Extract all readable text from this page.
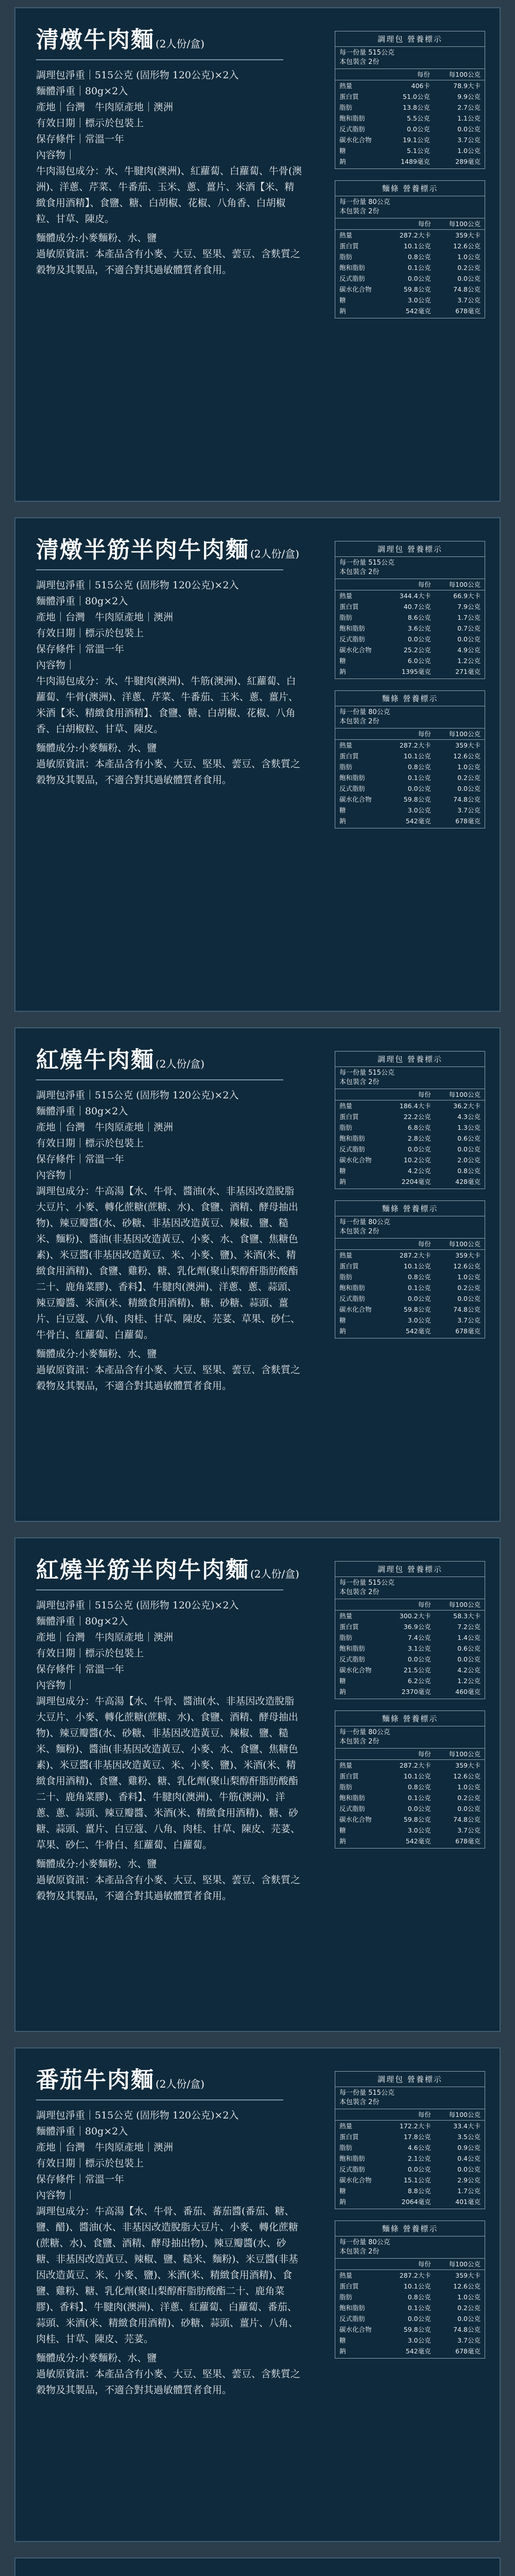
清燉牛肉麵 (2人份/盒)

調理包淨重｜515公克 (固形物 120公克)×2入

麵體淨重｜80g×2入

產地｜台灣　牛肉原產地｜澳洲

有效日期｜標示於包裝上

保存條件｜常溫一年

內容物｜

牛肉湯包成分：水、牛腱肉(澳洲)、紅蘿蔔、白蘿蔔、牛骨(澳洲)、洋蔥、芹菜、牛番茄、玉米、蔥、薑片、米酒【米、精緻食用酒精】、食鹽、糖、白胡椒、花椒、八角香、白胡椒粒、甘草、陳皮。

麵體成分:小麥麵粉、水、鹽

過敏原資訊：本產品含有小麥、大豆、堅果、蕓豆、含麩質之穀物及其製品，不適合對其過敏體質者食用。

調理包 營養標示
每一份量 515公克
本包裝含 2份
	每份	每100公克
熱量	406卡	78.9大卡
蛋白質	51.0公克	9.9公克
脂肪	13.8公克	2.7公克
飽和脂肪	5.5公克	1.1公克
反式脂肪	0.0公克	0.0公克
碳水化合物	19.1公克	3.7公克
糖	5.1公克	1.0公克
鈉	1489毫克	289毫克
麵條 營養標示
每一份量 80公克
本包裝含 2份
	每份	每100公克
熱量	287.2大卡	359大卡
蛋白質	10.1公克	12.6公克
脂肪	0.8公克	1.0公克
飽和脂肪	0.1公克	0.2公克
反式脂肪	0.0公克	0.0公克
碳水化合物	59.8公克	74.8公克
糖	3.0公克	3.7公克
鈉	542毫克	678毫克
清燉半筋半肉牛肉麵 (2人份/盒)

調理包淨重｜515公克 (固形物 120公克)×2入

麵體淨重｜80g×2入

產地｜台灣　牛肉原產地｜澳洲

有效日期｜標示於包裝上

保存條件｜常溫一年

內容物｜

牛肉湯包成分：水、牛腱肉(澳洲)、牛筋(澳洲)、紅蘿蔔、白蘿蔔、牛骨(澳洲)、洋蔥、芹菜、牛番茄、玉米、蔥、薑片、米酒【米、精緻食用酒精】、食鹽、糖、白胡椒、花椒、八角香、白胡椒粒、甘草、陳皮。

麵體成分:小麥麵粉、水、鹽

過敏原資訊：本產品含有小麥、大豆、堅果、蕓豆、含麩質之穀物及其製品，不適合對其過敏體質者食用。

調理包 營養標示
每一份量 515公克
本包裝含 2份
	每份	每100公克
熱量	344.4大卡	66.9大卡
蛋白質	40.7公克	7.9公克
脂肪	8.6公克	1.7公克
飽和脂肪	3.6公克	0.7公克
反式脂肪	0.0公克	0.0公克
碳水化合物	25.2公克	4.9公克
糖	6.0公克	1.2公克
鈉	1395毫克	271毫克
麵條 營養標示
每一份量 80公克
本包裝含 2份
	每份	每100公克
熱量	287.2大卡	359大卡
蛋白質	10.1公克	12.6公克
脂肪	0.8公克	1.0公克
飽和脂肪	0.1公克	0.2公克
反式脂肪	0.0公克	0.0公克
碳水化合物	59.8公克	74.8公克
糖	3.0公克	3.7公克
鈉	542毫克	678毫克
紅燒牛肉麵 (2人份/盒)

調理包淨重｜515公克 (固形物 120公克)×2入

麵體淨重｜80g×2入

產地｜台灣　牛肉原產地｜澳洲

有效日期｜標示於包裝上

保存條件｜常溫一年

內容物｜

調理包成分：牛高湯【水、牛骨、醬油(水、非基因改造脫脂大豆片、小麥、轉化蔗糖(蔗糖、水)、食鹽、酒精、酵母抽出物)、辣豆瓣醬(水、砂糖、非基因改造黃豆、辣椒、鹽、糙米、麵粉)、醬油(非基因改造黃豆、小麥、水、食鹽、焦糖色素)、米豆醬(非基因改造黃豆、米、小麥、鹽)、米酒(米、精緻食用酒精)、食鹽、雞粉、糖、乳化劑(聚山梨醇酐脂肪酸酯二十、鹿角菜膠)、香料】、牛腱肉(澳洲)、洋蔥、蔥、蒜頭、辣豆瓣醬、米酒(米、精緻食用酒精)、糖、砂糖、蒜頭、薑片、白豆蔻、八角、肉桂、甘草、陳皮、芫荽、草果、砂仁、牛骨白、紅蘿蔔、白蘿蔔。

麵體成分:小麥麵粉、水、鹽

過敏原資訊：本產品含有小麥、大豆、堅果、蕓豆、含麩質之穀物及其製品，不適合對其過敏體質者食用。

調理包 營養標示
每一份量 515公克
本包裝含 2份
	每份	每100公克
熱量	186.4大卡	36.2大卡
蛋白質	22.2公克	4.3公克
脂肪	6.8公克	1.3公克
飽和脂肪	2.8公克	0.6公克
反式脂肪	0.0公克	0.0公克
碳水化合物	10.2公克	2.0公克
糖	4.2公克	0.8公克
鈉	2204毫克	428毫克
麵條 營養標示
每一份量 80公克
本包裝含 2份
	每份	每100公克
熱量	287.2大卡	359大卡
蛋白質	10.1公克	12.6公克
脂肪	0.8公克	1.0公克
飽和脂肪	0.1公克	0.2公克
反式脂肪	0.0公克	0.0公克
碳水化合物	59.8公克	74.8公克
糖	3.0公克	3.7公克
鈉	542毫克	678毫克
紅燒半筋半肉牛肉麵 (2人份/盒)

調理包淨重｜515公克 (固形物 120公克)×2入

麵體淨重｜80g×2入

產地｜台灣　牛肉原產地｜澳洲

有效日期｜標示於包裝上

保存條件｜常溫一年

內容物｜

調理包成分：牛高湯【水、牛骨、醬油(水、非基因改造脫脂大豆片、小麥、轉化蔗糖(蔗糖、水)、食鹽、酒精、酵母抽出物)、辣豆瓣醬(水、砂糖、非基因改造黃豆、辣椒、鹽、糙米、麵粉)、醬油(非基因改造黃豆、小麥、水、食鹽、焦糖色素)、米豆醬(非基因改造黃豆、米、小麥、鹽)、米酒(米、精緻食用酒精)、食鹽、雞粉、糖、乳化劑(聚山梨醇酐脂肪酸酯二十、鹿角菜膠)、香料】、牛腱肉(澳洲)、牛筋(澳洲)、洋蔥、蔥、蒜頭、辣豆瓣醬、米酒(米、精緻食用酒精)、糖、砂糖、蒜頭、薑片、白豆蔻、八角、肉桂、甘草、陳皮、芫荽、草果、砂仁、牛骨白、紅蘿蔔、白蘿蔔。

麵體成分:小麥麵粉、水、鹽

過敏原資訊：本產品含有小麥、大豆、堅果、蕓豆、含麩質之穀物及其製品，不適合對其過敏體質者食用。

調理包 營養標示
每一份量 515公克
本包裝含 2份
	每份	每100公克
熱量	300.2大卡	58.3大卡
蛋白質	36.9公克	7.2公克
脂肪	7.4公克	1.4公克
飽和脂肪	3.1公克	0.6公克
反式脂肪	0.0公克	0.0公克
碳水化合物	21.5公克	4.2公克
糖	6.2公克	1.2公克
鈉	2370毫克	460毫克
麵條 營養標示
每一份量 80公克
本包裝含 2份
	每份	每100公克
熱量	287.2大卡	359大卡
蛋白質	10.1公克	12.6公克
脂肪	0.8公克	1.0公克
飽和脂肪	0.1公克	0.2公克
反式脂肪	0.0公克	0.0公克
碳水化合物	59.8公克	74.8公克
糖	3.0公克	3.7公克
鈉	542毫克	678毫克
番茄牛肉麵 (2人份/盒)

調理包淨重｜515公克 (固形物 120公克)×2入

麵體淨重｜80g×2入

產地｜台灣　牛肉原產地｜澳洲

有效日期｜標示於包裝上

保存條件｜常溫一年

內容物｜

調理包成分：牛高湯【水、牛骨、番茄、蕃茄醬(番茄、糖、鹽、醋)、醬油(水、非基因改造脫脂大豆片、小麥、轉化蔗糖(蔗糖、水)、食鹽、酒精、酵母抽出物)、辣豆瓣醬(水、砂糖、非基因改造黃豆、辣椒、鹽、糙米、麵粉)、米豆醬(非基因改造黃豆、米、小麥、鹽)、米酒(米、精緻食用酒精)、食鹽、雞粉、糖、乳化劑(聚山梨醇酐脂肪酸酯二十、鹿角菜膠)、香料】、牛腱肉(澳洲)、洋蔥、紅蘿蔔、白蘿蔔、番茄、蒜頭、米酒(米、精緻食用酒精)、砂糖、蒜頭、薑片、八角、肉桂、甘草、陳皮、芫荽。

麵體成分:小麥麵粉、水、鹽

過敏原資訊：本產品含有小麥、大豆、堅果、蕓豆、含麩質之穀物及其製品，不適合對其過敏體質者食用。

調理包 營養標示
每一份量 515公克
本包裝含 2份
	每份	每100公克
熱量	172.2大卡	33.4大卡
蛋白質	17.8公克	3.5公克
脂肪	4.6公克	0.9公克
飽和脂肪	2.1公克	0.4公克
反式脂肪	0.0公克	0.0公克
碳水化合物	15.1公克	2.9公克
糖	8.8公克	1.7公克
鈉	2064毫克	401毫克
麵條 營養標示
每一份量 80公克
本包裝含 2份
	每份	每100公克
熱量	287.2大卡	359大卡
蛋白質	10.1公克	12.6公克
脂肪	0.8公克	1.0公克
飽和脂肪	0.1公克	0.2公克
反式脂肪	0.0公克	0.0公克
碳水化合物	59.8公克	74.8公克
糖	3.0公克	3.7公克
鈉	542毫克	678毫克
